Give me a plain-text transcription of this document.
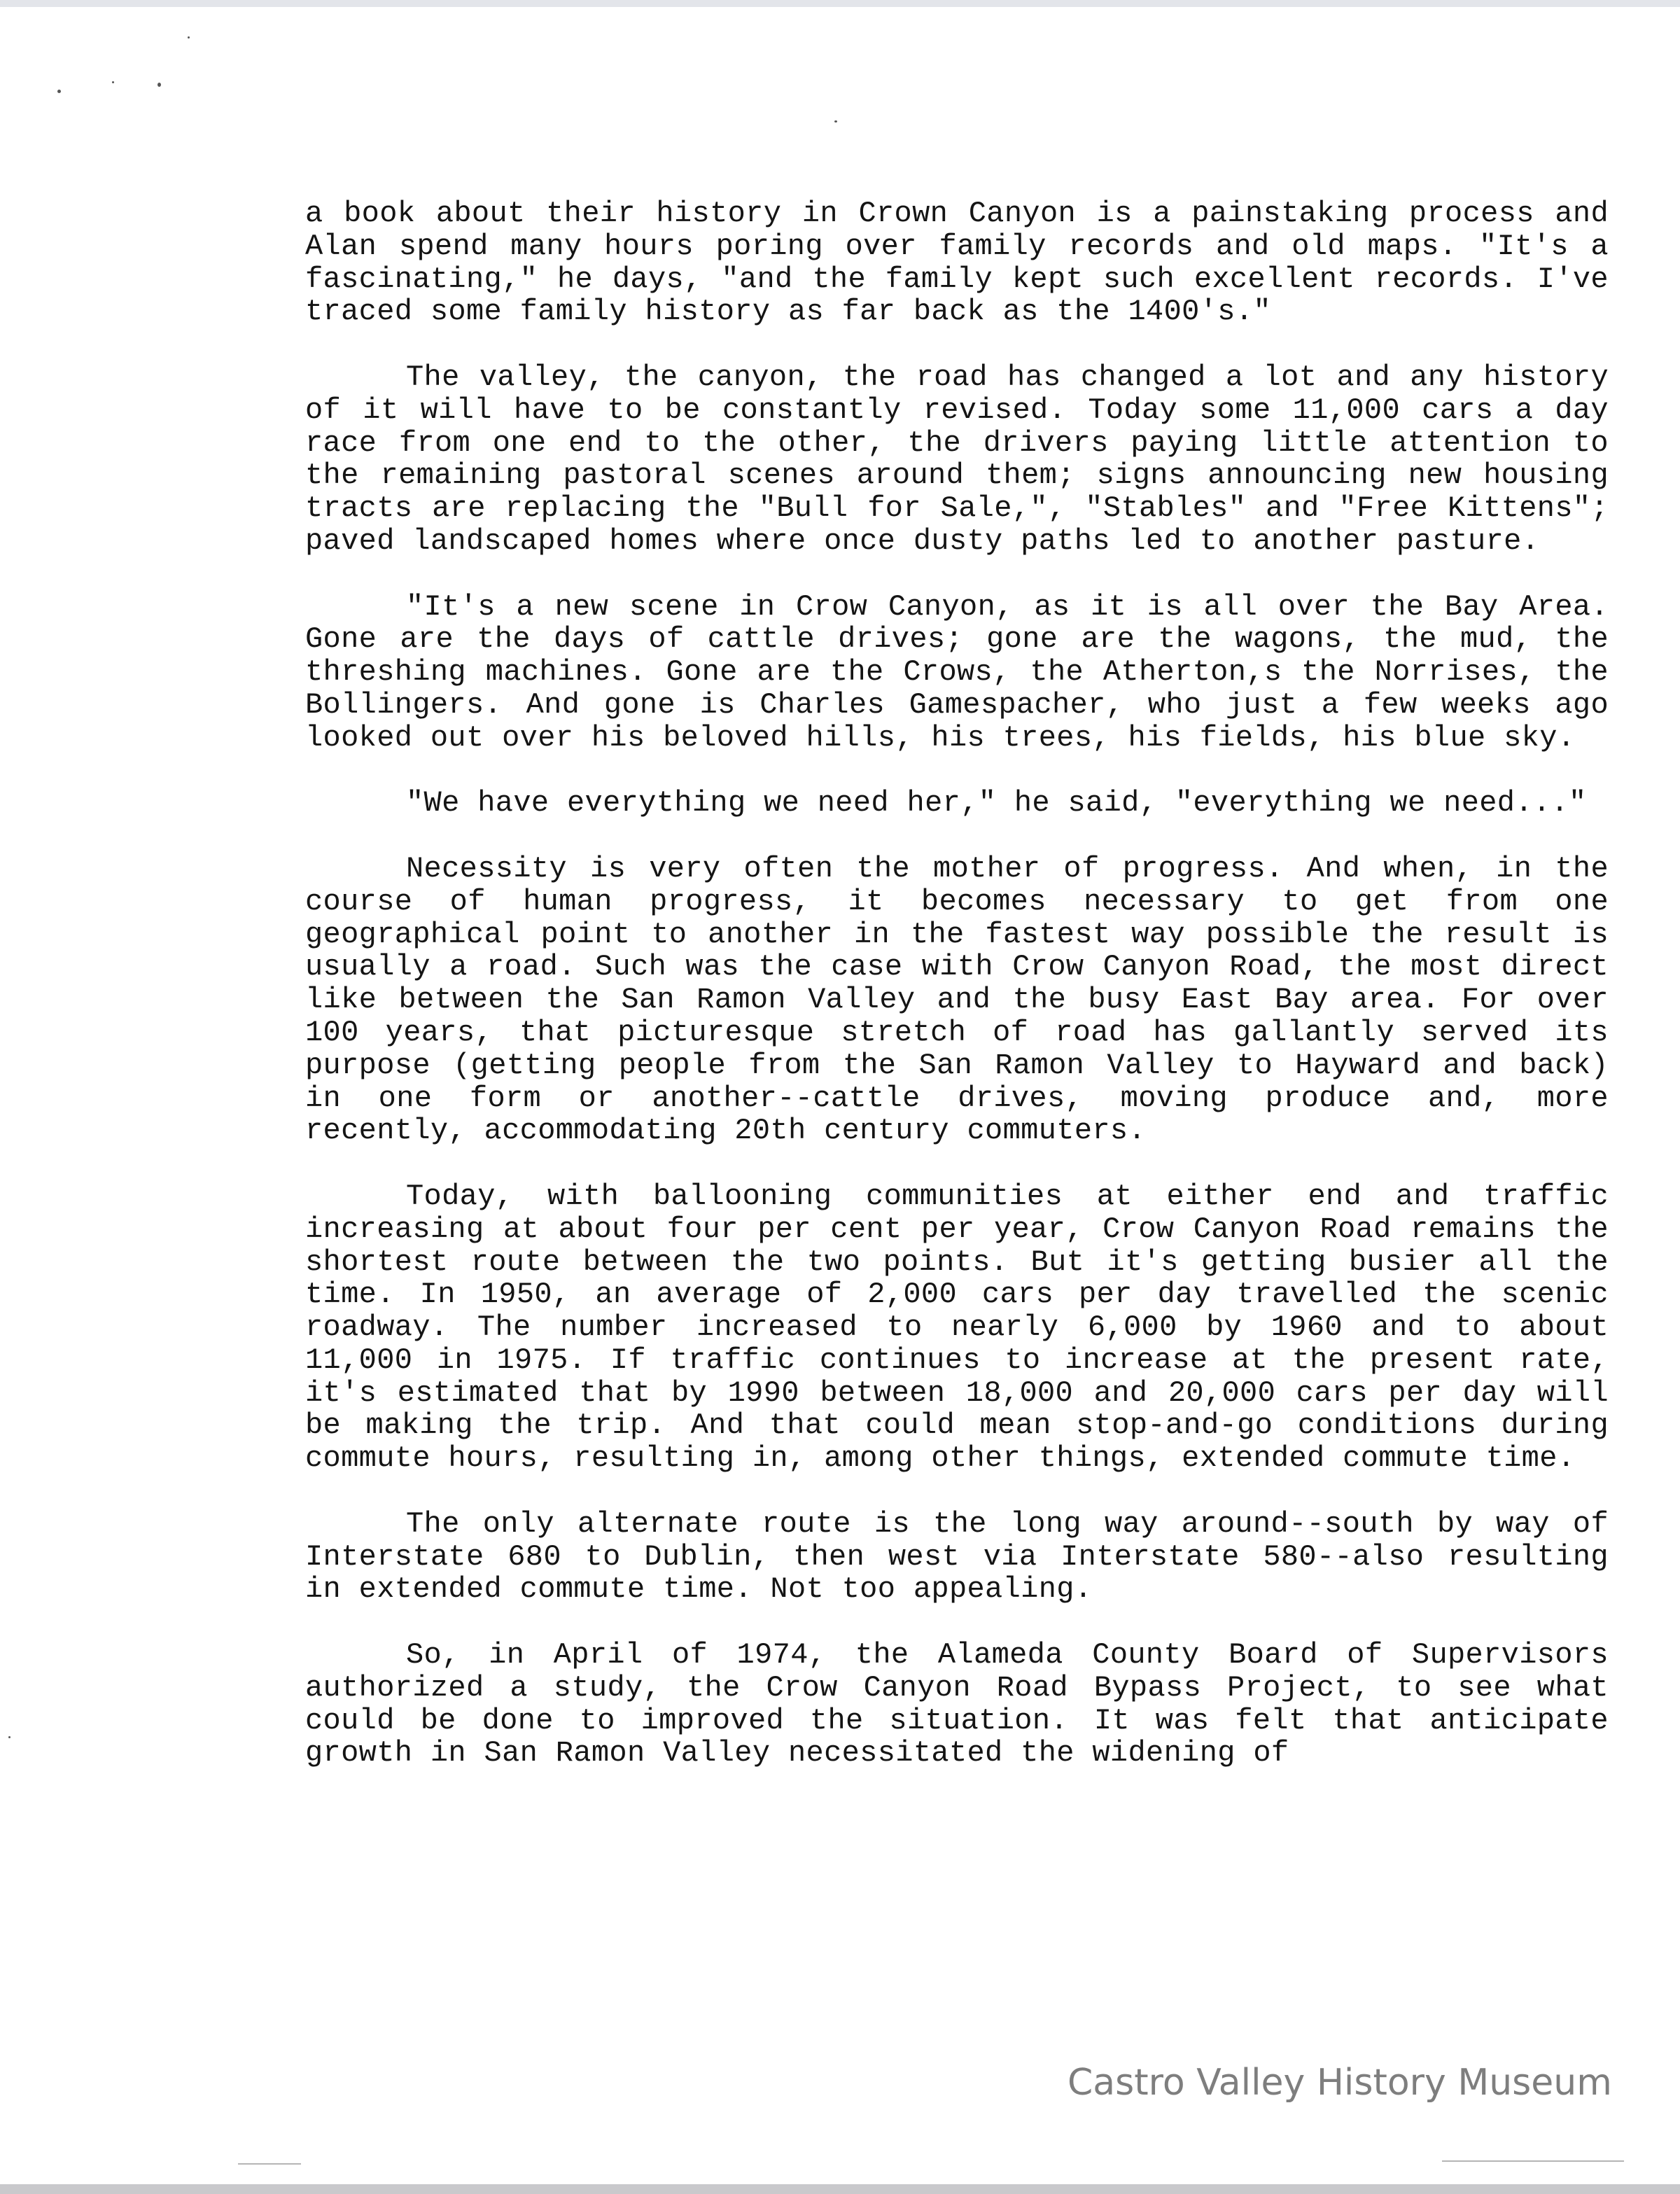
a book about their history in Crown Canyon is a painstaking process and Alan spend many hours poring over family records and old maps. "It's a fascinating," he days, "and the family kept such excellent records. I've traced some family history as far back as the 1400's."

The valley, the canyon, the road has changed a lot and any history of it will have to be constantly revised. Today some 11,000 cars a day race from one end to the other, the drivers paying little attention to the remaining pastoral scenes around them; signs announcing new housing tracts are replacing the "Bull for Sale,", "Stables" and "Free Kittens"; paved landscaped homes where once dusty paths led to another pasture.

"It's a new scene in Crow Canyon, as it is all over the Bay Area. Gone are the days of cattle drives; gone are the wagons, the mud, the threshing machines. Gone are the Crows, the Atherton,s the Norrises, the Bollingers. And gone is Charles Gamespacher, who just a few weeks ago looked out over his beloved hills, his trees, his fields, his blue sky.

"We have everything we need her," he said, "everything we need..."

Necessity is very often the mother of progress. And when, in the course of human progress, it becomes necessary to get from one geographical point to another in the fastest way possible the result is usually a road. Such was the case with Crow Canyon Road, the most direct like between the San Ramon Valley and the busy East Bay area. For over 100 years, that picturesque stretch of road has gallantly served its purpose (getting people from the San Ramon Valley to Hayward and back) in one form or another--cattle drives, moving produce and, more recently, accommodating 20th century commuters.

Today, with ballooning communities at either end and traffic increasing at about four per cent per year, Crow Canyon Road remains the shortest route between the two points. But it's getting busier all the time. In 1950, an average of 2,000 cars per day travelled the scenic roadway. The number increased to nearly 6,000 by 1960 and to about 11,000 in 1975. If traffic continues to increase at the present rate, it's estimated that by 1990 between 18,000 and 20,000 cars per day will be making the trip. And that could mean stop-and-go conditions during commute hours, resulting in, among other things, extended commute time.

The only alternate route is the long way around--south by way of Interstate 680 to Dublin, then west via Interstate 580--also resulting in extended commute time. Not too appealing.

So, in April of 1974, the Alameda County Board of Supervisors authorized a study, the Crow Canyon Road Bypass Project, to see what could be done to improved the situation. It was felt that anticipate growth in San Ramon Valley necessitated the widening of

Castro Valley History Museum
